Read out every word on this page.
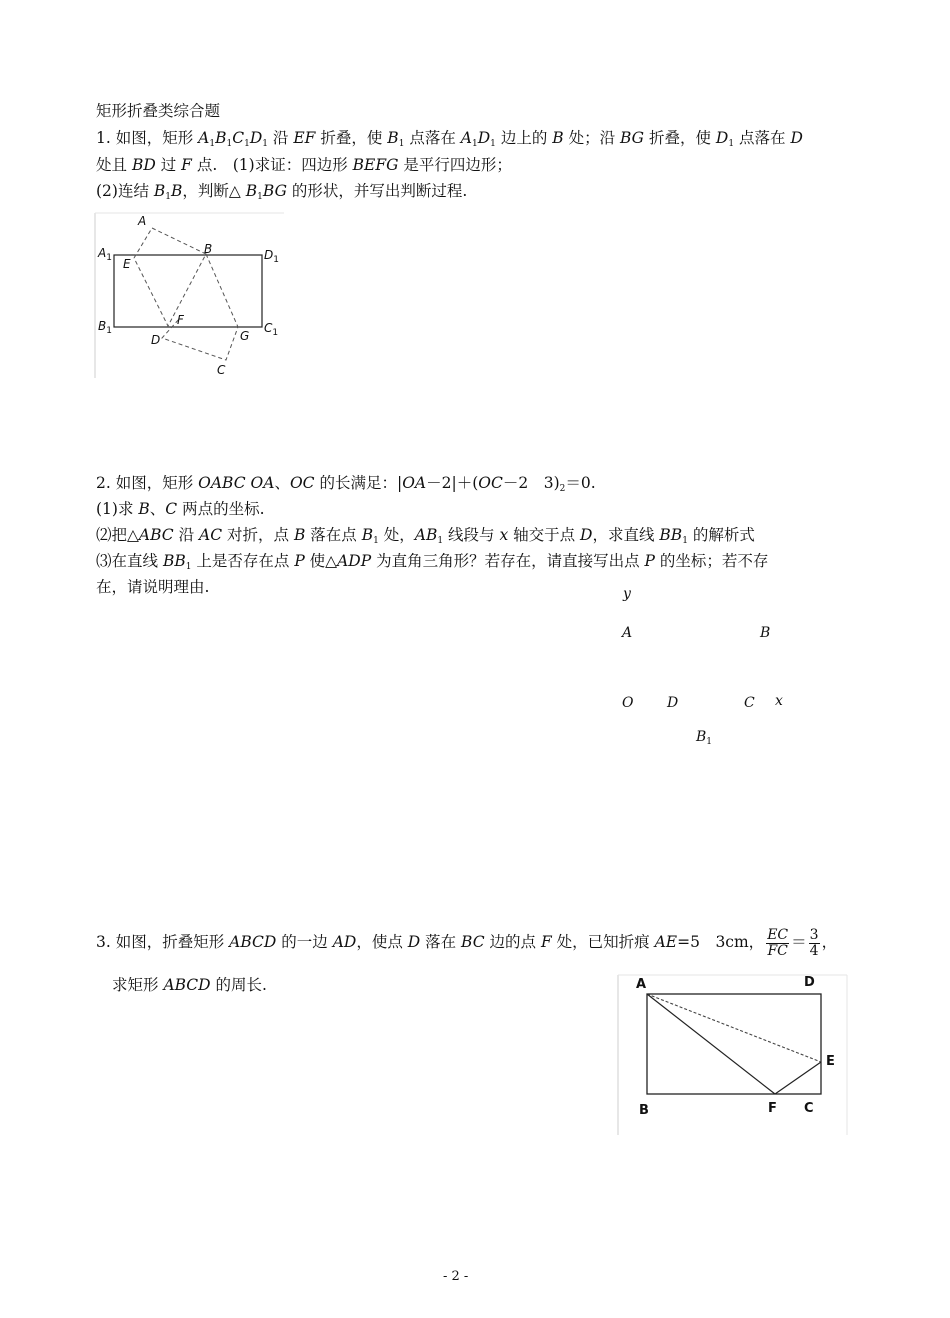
矩形折叠类综合题
1. 如图，矩形 $A_1B_1C_1D_1$ 沿 EF 折叠，使 $B_1$ 点落在 $A_1D_1$ 边上的 B 处；沿 BG 折叠，使 $D_1$ 点落在 D
处且 BD 过 F 点.　(1)求证：四边形 BEFG 是平行四边形；
(2)连结 $B_1B$，判断△ $B_1BG$ 的形状，并写出判断过程.
A
B
$A_1$ E
$D_1$
$B_1$
F
D	G
$C_1$
C
2. 如图，矩形 OABC OA、OC 的长满足：|OA－2|＋(OC－2　$3)_2=0$.
(1)求 B、C 两点的坐标.
⑵把△ABC 沿 AC 对折，点 B 落在点 $B_1$ 处，$AB_1$ 线段与 x 轴交于点 D，求直线 $BB_1$ 的解析式
⑶在直线 $BB_1$ 上是否存在点 P 使△ADP 为直角三角形？若存在，请直接写出点 P 的坐标；若不存
在，请说明理由.	y
A	B
O D	C x
$B_1$
3. 如图，折叠矩形 ABCD 的一边 AD，使点 D 落在 BC 边的点 F 处，已知折痕 AE=5　3cm， $\frac{EC}{FC} = \frac{3}{4}$ ，
求矩形 ABCD 的周长.	A	D
E
B	F C
- 2 -
